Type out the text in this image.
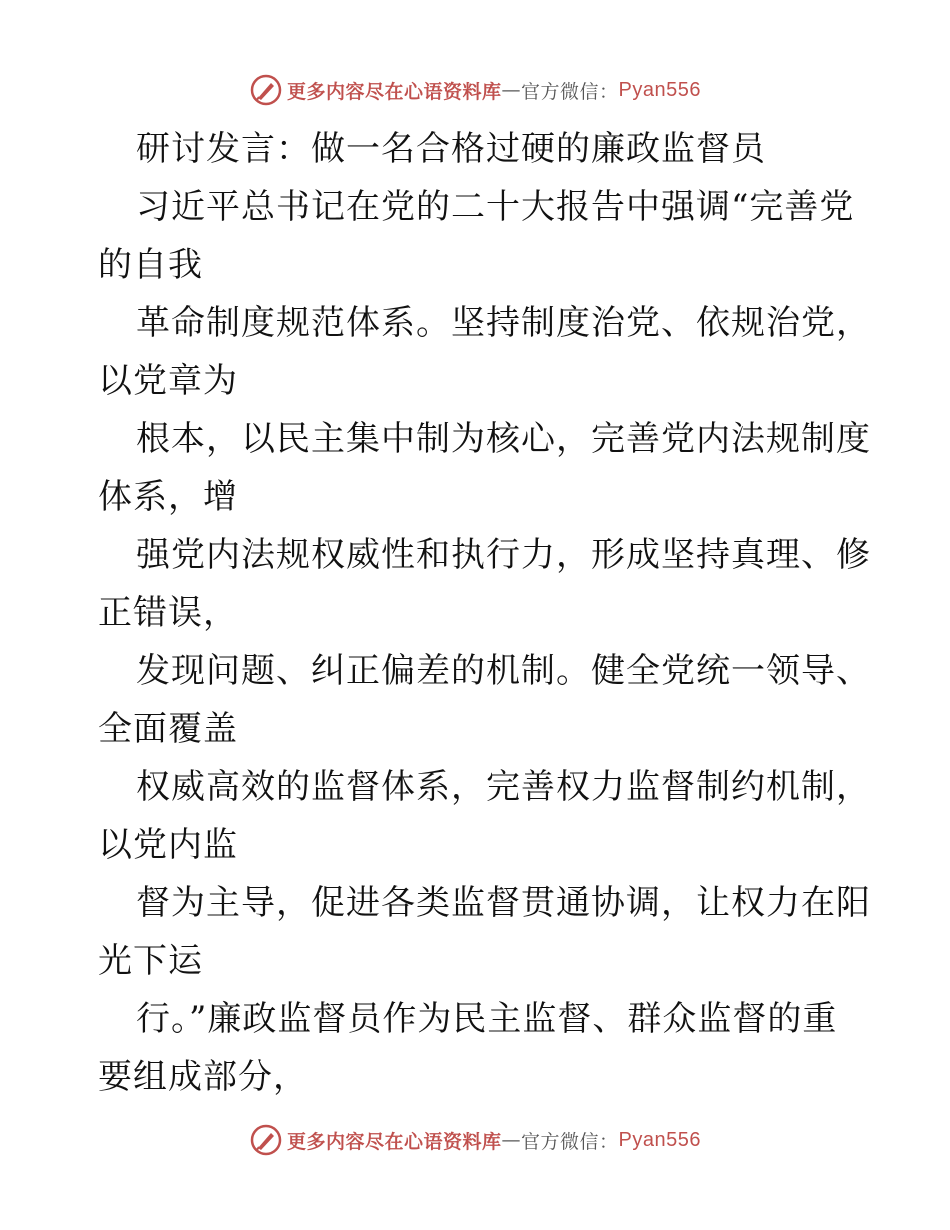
更多内容尽在心语资料库 — 官方微信： Pyan556
研讨发言：做一名合格过硬的廉政监督员
习近平总书记在党的二十大报告中强调“完善党
的自我
革命制度规范体系。坚持制度治党、依规治党，
以党章为
根本，以民主集中制为核心，完善党内法规制度
体系，增
强党内法规权威性和执行力，形成坚持真理、修
正错误，
发现问题、纠正偏差的机制。健全党统一领导、
全面覆盖
权威高效的监督体系，完善权力监督制约机制，
以党内监
督为主导，促进各类监督贯通协调，让权力在阳
光下运
行。”廉政监督员作为民主监督、群众监督的重
要组成部分，
更多内容尽在心语资料库 — 官方微信： Pyan556
